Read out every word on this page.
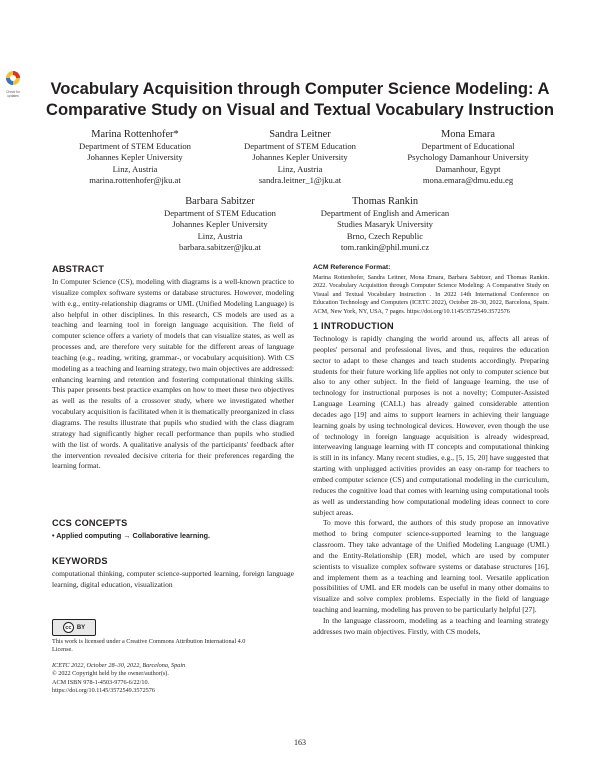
Check for updates	Vocabulary Acquisition through Computer Science Modeling: A Comparative Study on Visual and Textual Vocabulary Instruction
Marina Rottenhofer*
Department of STEM Education
Johannes Kepler University
Linz, Austria
marina.rottenhofer@jku.at
Sandra Leitner
Department of STEM Education
Johannes Kepler University
Linz, Austria
sandra.leitner_1@jku.at
Mona Emara
Department of Educational
Psychology Damanhour University
Damanhour, Egypt
mona.emara@dmu.edu.eg
Barbara Sabitzer
Department of STEM Education
Johannes Kepler University
Linz, Austria
barbara.sabitzer@jku.at
Thomas Rankin
Department of English and American
Studies Masaryk University
Brno, Czech Republic
tom.rankin@phil.muni.cz
ABSTRACT
In Computer Science (CS), modeling with diagrams is a well-known practice to visualize complex software systems or database structures. However, modeling with e.g., entity-relationship diagrams or UML (Unified Modeling Language) is also helpful in other disciplines. In this research, CS models are used as a teaching and learning tool in foreign language acquisition. The field of computer science offers a variety of models that can visualize states, as well as processes and, are therefore very suitable for the different areas of language teaching (e.g., reading, writing, grammar-, or vocabulary acquisition). With CS modeling as a teaching and learning strategy, two main objectives are addressed: enhancing learning and retention and fostering computational thinking skills. This paper presents best practice examples on how to meet these two objectives as well as the results of a crossover study, where we investigated whether vocabulary acquisition is facilitated when it is thematically preorganized in class diagrams. The results illustrate that pupils who studied with the class diagram strategy had significantly higher recall performance than pupils who studied with the list of words. A qualitative analysis of the participants' feedback after the intervention revealed decisive criteria for their preferences regarding the learning format.
CCS CONCEPTS
• Applied computing → Collaborative learning.
KEYWORDS
computational thinking, computer science-supported learning, foreign language learning, digital education, visualization
cc BY
This work is licensed under a Creative Commons Attribution International 4.0 License.
ICETC 2022, October 28–30, 2022, Barcelona, Spain
© 2022 Copyright held by the owner/author(s).
ACM ISBN 978-1-4503-9776-6/22/10.
https://doi.org/10.1145/3572549.3572576
ACM Reference Format:
Marina Rottenhofer, Sandra Leitner, Mona Emara, Barbara Sabitzer, and Thomas Rankin. 2022. Vocabulary Acquisition through Computer Science Modeling: A Comparative Study on Visual and Textual Vocabulary Instruction . In 2022 14th International Conference on Education Technology and Computers (ICETC 2022), October 28–30, 2022, Barcelona, Spain. ACM, New York, NY, USA, 7 pages. https://doi.org/10.1145/3572549.3572576
1 INTRODUCTION

Technology is rapidly changing the world around us, affects all areas of peoples' personal and professional lives, and thus, requires the education sector to adapt to these changes and teach students accordingly. Preparing students for their future working life applies not only to computer science but also to any other subject. In the field of language learning, the use of technology for instructional purposes is not a novelty; Computer-Assisted Language Learning (CALL) has already gained considerable attention decades ago [19] and aims to support learners in achieving their language learning goals by using technological devices. However, even though the use of technology in foreign language acquisition is already widespread, interweaving language learning with IT concepts and computational thinking is still in its infancy. Many recent studies, e.g., [5, 15, 20] have suggested that starting with unplugged activities provides an easy on-ramp for teachers to embed computer science (CS) and computational modeling in the curriculum, reduces the cognitive load that comes with learning using computational tools as well as understanding how computational modeling ideas connect to core subject areas.

To move this forward, the authors of this study propose an innovative method to bring computer science-supported learning to the language classroom. They take advantage of the Unified Modeling Language (UML) and the Entity-Relationship (ER) model, which are used by computer scientists to visualize complex software systems or database structures [16], and implement them as a teaching and learning tool. Versatile application possibilities of UML and ER models can be useful in many other domains to visualize and solve complex problems. Especially in the field of language teaching and learning, modeling has proven to be particularly helpful [27].

In the language classroom, modeling as a teaching and learning strategy addresses two main objectives. Firstly, with CS models,

163
